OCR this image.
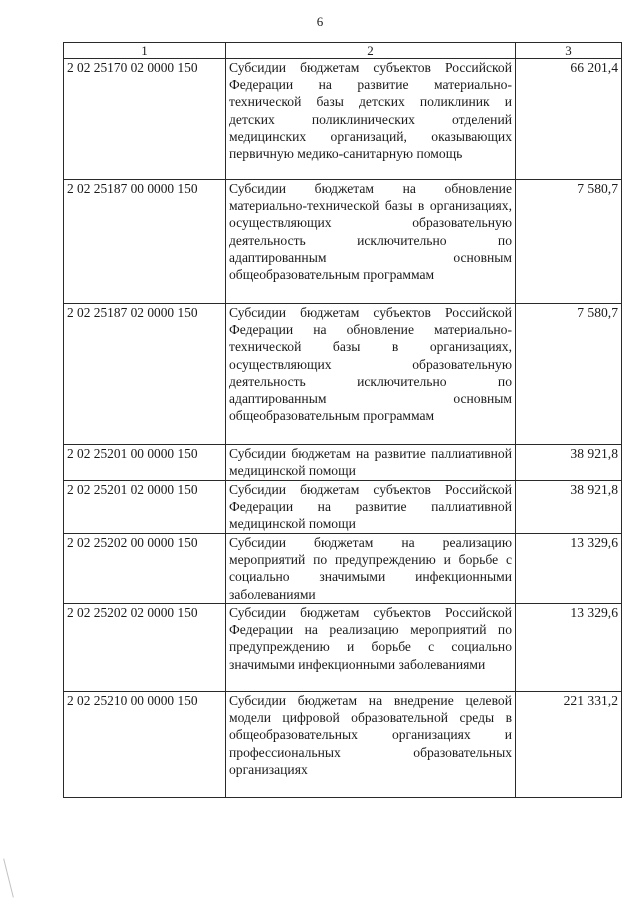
6
1	2	3
2 02 25170 02 0000 150	Субсидии бюджетам субъектов Российской Федерации на развитие материально-технической базы детских поликлиник и детских поликлинических отделений медицинских организаций, оказывающих первичную медико-санитарную помощь	66 201,4
2 02 25187 00 0000 150	Субсидии бюджетам на обновление материально-технической базы в организациях, осуществляющих образовательную деятельность исключительно по адаптированным основным общеобразовательным программам	7 580,7
2 02 25187 02 0000 150	Субсидии бюджетам субъектов Российской Федерации на обновление материально-технической базы в организациях, осуществляющих образовательную деятельность исключительно по адаптированным основным общеобразовательным программам	7 580,7
2 02 25201 00 0000 150	Субсидии бюджетам на развитие паллиативной медицинской помощи	38 921,8
2 02 25201 02 0000 150	Субсидии бюджетам субъектов Российской Федерации на развитие паллиативной медицинской помощи	38 921,8
2 02 25202 00 0000 150	Субсидии бюджетам на реализацию мероприятий по предупреждению и борьбе с социально значимыми инфекционными заболеваниями	13 329,6
2 02 25202 02 0000 150	Субсидии бюджетам субъектов Российской Федерации на реализацию мероприятий по предупреждению и борьбе с социально значимыми инфекционными заболеваниями	13 329,6
2 02 25210 00 0000 150	Субсидии бюджетам на внедрение целевой модели цифровой образовательной среды в общеобразовательных организациях и профессиональных образовательных организациях	221 331,2
